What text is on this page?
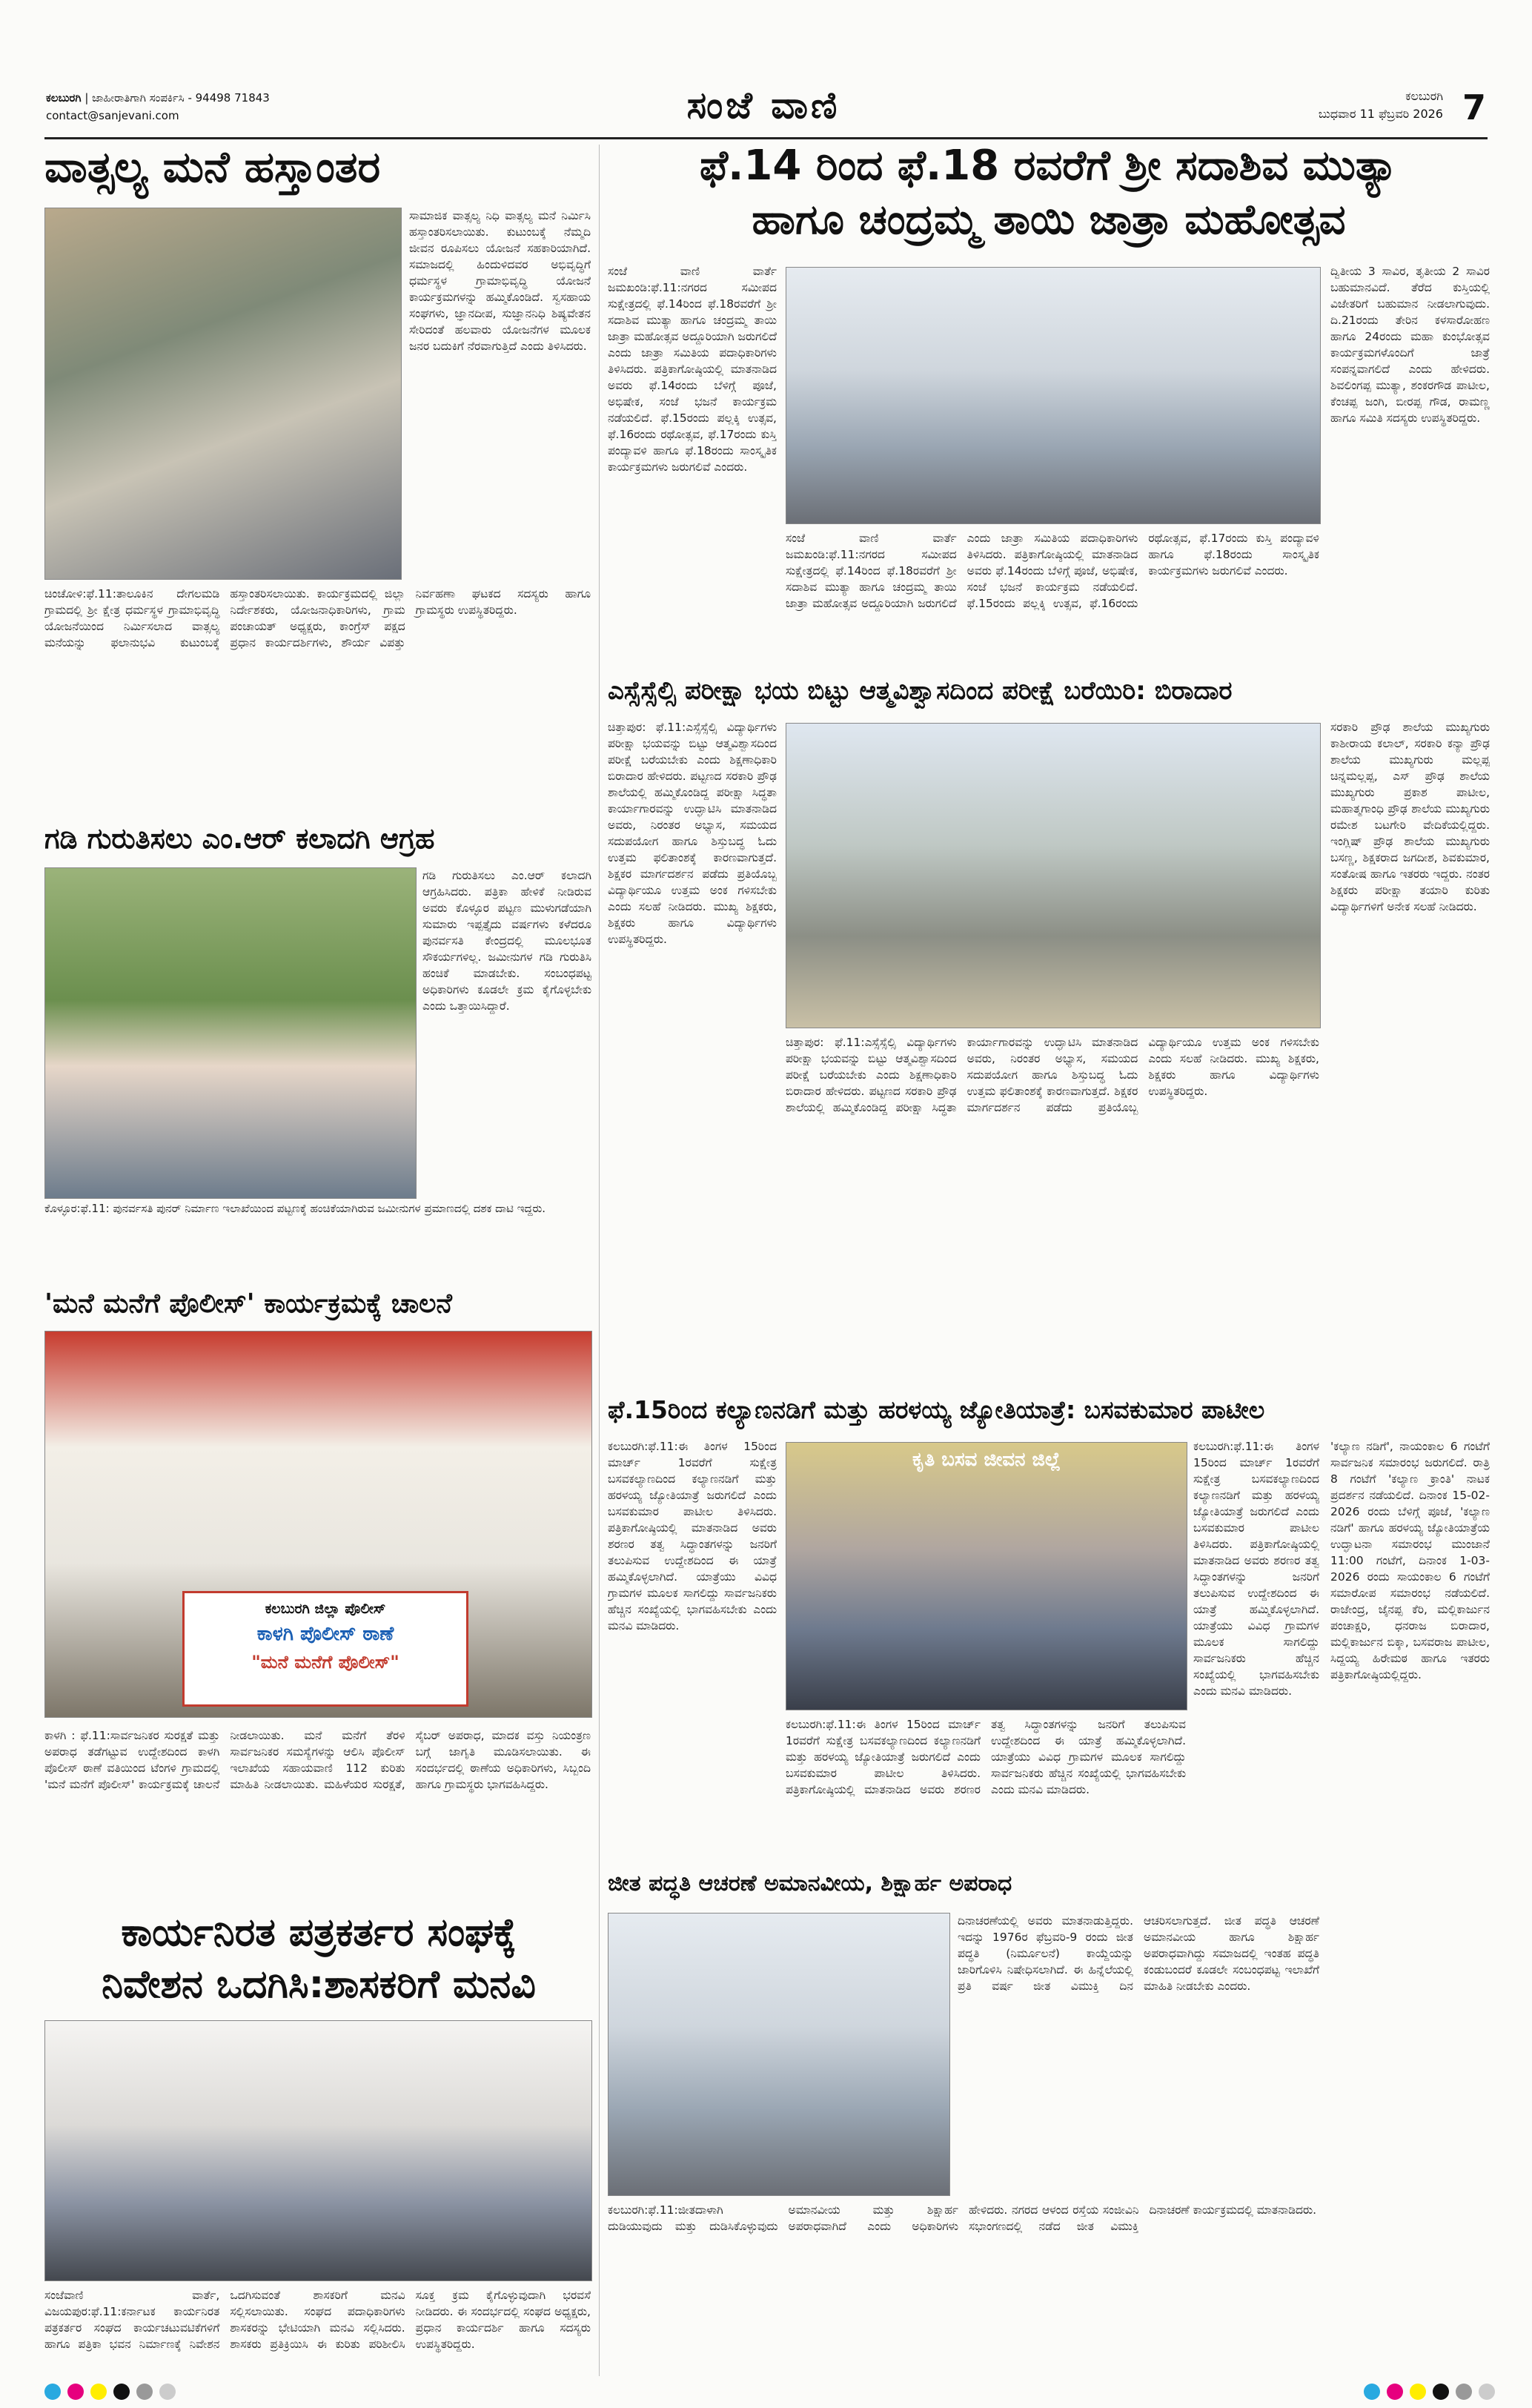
ಕಲಬುರಗಿ | ಜಾಹೀರಾತಿಗಾಗಿ ಸಂಪರ್ಕಿಸಿ - 94498 71843
contact@sanjevani.com	ಸಂಜೆ ವಾಣಿ	ಕಲಬುರಗಿ
ಬುಧವಾರ 11 ಫೆಬ್ರವರಿ 2026 7
ವಾತ್ಸಲ್ಯ ಮನೆ ಹಸ್ತಾಂತರ
ಸಾಮಾಜಿಕ ವಾತ್ಸಲ್ಯ ನಿಧಿ ವಾತ್ಸಲ್ಯ ಮನೆ ನಿರ್ಮಿಸಿ ಹಸ್ತಾಂತರಿಸಲಾಯಿತು. ಕುಟುಂಬಕ್ಕೆ ನೆಮ್ಮದಿ ಜೀವನ ರೂಪಿಸಲು ಯೋಜನೆ ಸಹಕಾರಿಯಾಗಿದೆ. ಸಮಾಜದಲ್ಲಿ ಹಿಂದುಳಿದವರ ಅಭಿವೃದ್ಧಿಗೆ ಧರ್ಮಸ್ಥಳ ಗ್ರಾಮಾಭಿವೃದ್ಧಿ ಯೋಜನೆ ಕಾರ್ಯಕ್ರಮಗಳನ್ನು ಹಮ್ಮಿಕೊಂಡಿದೆ. ಸ್ವಸಹಾಯ ಸಂಘಗಳು, ಜ್ಞಾನದೀಪ, ಸುಜ್ಞಾನನಿಧಿ ಶಿಷ್ಯವೇತನ ಸೇರಿದಂತೆ ಹಲವಾರು ಯೋಜನೆಗಳ ಮೂಲಕ ಜನರ ಬದುಕಿಗೆ ನೆರವಾಗುತ್ತಿದೆ ಎಂದು ತಿಳಿಸಿದರು.
ಚಿಂಚೋಳಿ:ಫೆ.11:ತಾಲೂಕಿನ ದೇಗಲಮಡಿ ಗ್ರಾಮದಲ್ಲಿ ಶ್ರೀ ಕ್ಷೇತ್ರ ಧರ್ಮಸ್ಥಳ ಗ್ರಾಮಾಭಿವೃದ್ಧಿ ಯೋಜನೆಯಿಂದ ನಿರ್ಮಿಸಲಾದ ವಾತ್ಸಲ್ಯ ಮನೆಯನ್ನು ಫಲಾನುಭವಿ ಕುಟುಂಬಕ್ಕೆ ಹಸ್ತಾಂತರಿಸಲಾಯಿತು. ಕಾರ್ಯಕ್ರಮದಲ್ಲಿ ಜಿಲ್ಲಾ ನಿರ್ದೇಶಕರು, ಯೋಜನಾಧಿಕಾರಿಗಳು, ಗ್ರಾಮ ಪಂಚಾಯತ್ ಅಧ್ಯಕ್ಷರು, ಕಾಂಗ್ರೆಸ್ ಪಕ್ಷದ ಪ್ರಧಾನ ಕಾರ್ಯದರ್ಶಿಗಳು, ಶೌರ್ಯ ವಿಪತ್ತು ನಿರ್ವಹಣಾ ಘಟಕದ ಸದಸ್ಯರು ಹಾಗೂ ಗ್ರಾಮಸ್ಥರು ಉಪಸ್ಥಿತರಿದ್ದರು.
ಗಡಿ ಗುರುತಿಸಲು ಎಂ.ಆರ್ ಕಲಾದಗಿ ಆಗ್ರಹ
ಗಡಿ ಗುರುತಿಸಲು ಎಂ.ಆರ್ ಕಲಾದಗಿ ಆಗ್ರಹಿಸಿದರು. ಪತ್ರಿಕಾ ಹೇಳಿಕೆ ನೀಡಿರುವ ಅವರು ಕೊಳ್ಳೂರ ಪಟ್ಟಣ ಮುಳುಗಡೆಯಾಗಿ ಸುಮಾರು ಇಪ್ಪತ್ತೈದು ವರ್ಷಗಳು ಕಳೆದರೂ ಪುನರ್ವಸತಿ ಕೇಂದ್ರದಲ್ಲಿ ಮೂಲಭೂತ ಸೌಕರ್ಯಗಳಿಲ್ಲ. ಜಮೀನುಗಳ ಗಡಿ ಗುರುತಿಸಿ ಹಂಚಿಕೆ ಮಾಡಬೇಕು. ಸಂಬಂಧಪಟ್ಟ ಅಧಿಕಾರಿಗಳು ಕೂಡಲೇ ಕ್ರಮ ಕೈಗೊಳ್ಳಬೇಕು ಎಂದು ಒತ್ತಾಯಿಸಿದ್ದಾರೆ.
ಕೊಳ್ಳೂರ:ಫೆ.11: ಪುನರ್ವಸತಿ ಪುನರ್ ನಿರ್ಮಾಣ ಇಲಾಖೆಯಿಂದ ಪಟ್ಟಣಕ್ಕೆ ಹಂಚಿಕೆಯಾಗಿರುವ ಜಮೀನುಗಳ ಪ್ರಮಾಣದಲ್ಲಿ ದಶಕ ದಾಟಿ ಇದ್ದರು.
'ಮನೆ ಮನೆಗೆ ಪೊಲೀಸ್' ಕಾರ್ಯಕ್ರಮಕ್ಕೆ ಚಾಲನೆ
ಕಲಬುರಗಿ ಜಿಲ್ಲಾ ಪೊಲೀಸ್
ಕಾಳಗಿ ಪೊಲೀಸ್ ಠಾಣೆ
"ಮನೆ ಮನೆಗೆ ಪೊಲೀಸ್"
ಕಾಳಗಿ : ಫೆ.11:ಸಾರ್ವಜನಿಕರ ಸುರಕ್ಷತೆ ಮತ್ತು ಅಪರಾಧ ತಡೆಗಟ್ಟುವ ಉದ್ದೇಶದಿಂದ ಕಾಳಗಿ ಪೊಲೀಸ್ ಠಾಣೆ ವತಿಯಿಂದ ಟೆಂಗಳಿ ಗ್ರಾಮದಲ್ಲಿ 'ಮನೆ ಮನೆಗೆ ಪೊಲೀಸ್' ಕಾರ್ಯಕ್ರಮಕ್ಕೆ ಚಾಲನೆ ನೀಡಲಾಯಿತು. ಮನೆ ಮನೆಗೆ ತೆರಳಿ ಸಾರ್ವಜನಿಕರ ಸಮಸ್ಯೆಗಳನ್ನು ಆಲಿಸಿ ಪೊಲೀಸ್ ಇಲಾಖೆಯ ಸಹಾಯವಾಣಿ 112 ಕುರಿತು ಮಾಹಿತಿ ನೀಡಲಾಯಿತು. ಮಹಿಳೆಯರ ಸುರಕ್ಷತೆ, ಸೈಬರ್ ಅಪರಾಧ, ಮಾದಕ ವಸ್ತು ನಿಯಂತ್ರಣ ಬಗ್ಗೆ ಜಾಗೃತಿ ಮೂಡಿಸಲಾಯಿತು. ಈ ಸಂದರ್ಭದಲ್ಲಿ ಠಾಣೆಯ ಅಧಿಕಾರಿಗಳು, ಸಿಬ್ಬಂದಿ ಹಾಗೂ ಗ್ರಾಮಸ್ಥರು ಭಾಗವಹಿಸಿದ್ದರು.
ಕಾರ್ಯನಿರತ ಪತ್ರಕರ್ತರ ಸಂಘಕ್ಕೆ
ನಿವೇಶನ ಒದಗಿಸಿ:ಶಾಸಕರಿಗೆ ಮನವಿ
ಸಂಜೆವಾಣಿ ವಾರ್ತೆ, ವಿಜಯಪುರ:ಫೆ.11:ಕರ್ನಾಟಕ ಕಾರ್ಯನಿರತ ಪತ್ರಕರ್ತರ ಸಂಘದ ಕಾರ್ಯಚಟುವಟಿಕೆಗಳಿಗೆ ಹಾಗೂ ಪತ್ರಿಕಾ ಭವನ ನಿರ್ಮಾಣಕ್ಕೆ ನಿವೇಶನ ಒದಗಿಸುವಂತೆ ಶಾಸಕರಿಗೆ ಮನವಿ ಸಲ್ಲಿಸಲಾಯಿತು. ಸಂಘದ ಪದಾಧಿಕಾರಿಗಳು ಶಾಸಕರನ್ನು ಭೇಟಿಯಾಗಿ ಮನವಿ ಸಲ್ಲಿಸಿದರು. ಶಾಸಕರು ಪ್ರತಿಕ್ರಿಯಿಸಿ ಈ ಕುರಿತು ಪರಿಶೀಲಿಸಿ ಸೂಕ್ತ ಕ್ರಮ ಕೈಗೊಳ್ಳುವುದಾಗಿ ಭರವಸೆ ನೀಡಿದರು. ಈ ಸಂದರ್ಭದಲ್ಲಿ ಸಂಘದ ಅಧ್ಯಕ್ಷರು, ಪ್ರಧಾನ ಕಾರ್ಯದರ್ಶಿ ಹಾಗೂ ಸದಸ್ಯರು ಉಪಸ್ಥಿತರಿದ್ದರು.
ಫೆ.14 ರಿಂದ ಫೆ.18 ರವರೆಗೆ ಶ್ರೀ ಸದಾಶಿವ ಮುತ್ಯಾ
ಹಾಗೂ ಚಂದ್ರಮ್ಮ ತಾಯಿ ಜಾತ್ರಾ ಮಹೋತ್ಸವ
ಸಂಜೆ ವಾಣಿ ವಾರ್ತೆ ಜಮಖಂಡಿ:ಫೆ.11:ನಗರದ ಸಮೀಪದ ಸುಕ್ಷೇತ್ರದಲ್ಲಿ ಫೆ.14ರಿಂದ ಫೆ.18ರವರೆಗೆ ಶ್ರೀ ಸದಾಶಿವ ಮುತ್ಯಾ ಹಾಗೂ ಚಂದ್ರಮ್ಮ ತಾಯಿ ಜಾತ್ರಾ ಮಹೋತ್ಸವ ಅದ್ದೂರಿಯಾಗಿ ಜರುಗಲಿದೆ ಎಂದು ಜಾತ್ರಾ ಸಮಿತಿಯ ಪದಾಧಿಕಾರಿಗಳು ತಿಳಿಸಿದರು. ಪತ್ರಿಕಾಗೋಷ್ಠಿಯಲ್ಲಿ ಮಾತನಾಡಿದ ಅವರು ಫೆ.14ರಂದು ಬೆಳಿಗ್ಗೆ ಪೂಜೆ, ಅಭಿಷೇಕ, ಸಂಜೆ ಭಜನೆ ಕಾರ್ಯಕ್ರಮ ನಡೆಯಲಿದೆ. ಫೆ.15ರಂದು ಪಲ್ಲಕ್ಕಿ ಉತ್ಸವ, ಫೆ.16ರಂದು ರಥೋತ್ಸವ, ಫೆ.17ರಂದು ಕುಸ್ತಿ ಪಂದ್ಯಾವಳಿ ಹಾಗೂ ಫೆ.18ರಂದು ಸಾಂಸ್ಕೃತಿಕ ಕಾರ್ಯಕ್ರಮಗಳು ಜರುಗಲಿವೆ ಎಂದರು.
ದ್ವಿತೀಯ 3 ಸಾವಿರ, ತೃತೀಯ 2 ಸಾವಿರ ಬಹುಮಾನವಿದೆ. ತೆರೆದ ಕುಸ್ತಿಯಲ್ಲಿ ವಿಜೇತರಿಗೆ ಬಹುಮಾನ ನೀಡಲಾಗುವುದು. ದಿ.21ರಂದು ತೇರಿನ ಕಳಸಾರೋಹಣ ಹಾಗೂ 24ರಂದು ಮಹಾ ಕುಂಭೋತ್ಸವ ಕಾರ್ಯಕ್ರಮಗಳೊಂದಿಗೆ ಜಾತ್ರೆ ಸಂಪನ್ನವಾಗಲಿದೆ ಎಂದು ಹೇಳಿದರು. ಶಿವಲಿಂಗಪ್ಪ ಮುತ್ಯಾ, ಶಂಕರಗೌಡ ಪಾಟೀಲ, ಕೆಂಚಪ್ಪ ಜಂಗಿ, ಬೀರಪ್ಪ ಗೌಡ, ರಾಮಣ್ಣ ಹಾಗೂ ಸಮಿತಿ ಸದಸ್ಯರು ಉಪಸ್ಥಿತರಿದ್ದರು.
ಸಂಜೆ ವಾಣಿ ವಾರ್ತೆ ಜಮಖಂಡಿ:ಫೆ.11:ನಗರದ ಸಮೀಪದ ಸುಕ್ಷೇತ್ರದಲ್ಲಿ ಫೆ.14ರಿಂದ ಫೆ.18ರವರೆಗೆ ಶ್ರೀ ಸದಾಶಿವ ಮುತ್ಯಾ ಹಾಗೂ ಚಂದ್ರಮ್ಮ ತಾಯಿ ಜಾತ್ರಾ ಮಹೋತ್ಸವ ಅದ್ದೂರಿಯಾಗಿ ಜರುಗಲಿದೆ ಎಂದು ಜಾತ್ರಾ ಸಮಿತಿಯ ಪದಾಧಿಕಾರಿಗಳು ತಿಳಿಸಿದರು. ಪತ್ರಿಕಾಗೋಷ್ಠಿಯಲ್ಲಿ ಮಾತನಾಡಿದ ಅವರು ಫೆ.14ರಂದು ಬೆಳಿಗ್ಗೆ ಪೂಜೆ, ಅಭಿಷೇಕ, ಸಂಜೆ ಭಜನೆ ಕಾರ್ಯಕ್ರಮ ನಡೆಯಲಿದೆ. ಫೆ.15ರಂದು ಪಲ್ಲಕ್ಕಿ ಉತ್ಸವ, ಫೆ.16ರಂದು ರಥೋತ್ಸವ, ಫೆ.17ರಂದು ಕುಸ್ತಿ ಪಂದ್ಯಾವಳಿ ಹಾಗೂ ಫೆ.18ರಂದು ಸಾಂಸ್ಕೃತಿಕ ಕಾರ್ಯಕ್ರಮಗಳು ಜರುಗಲಿವೆ ಎಂದರು.
ಎಸ್ಸೆಸ್ಸೆಲ್ಸಿ ಪರೀಕ್ಷಾ ಭಯ ಬಿಟ್ಟು ಆತ್ಮವಿಶ್ವಾಸದಿಂದ ಪರೀಕ್ಷೆ ಬರೆಯಿರಿ: ಬಿರಾದಾರ
ಚಿತ್ತಾಪುರ: ಫೆ.11:ಎಸ್ಸೆಸ್ಸೆಲ್ಸಿ ವಿದ್ಯಾರ್ಥಿಗಳು ಪರೀಕ್ಷಾ ಭಯವನ್ನು ಬಿಟ್ಟು ಆತ್ಮವಿಶ್ವಾಸದಿಂದ ಪರೀಕ್ಷೆ ಬರೆಯಬೇಕು ಎಂದು ಶಿಕ್ಷಣಾಧಿಕಾರಿ ಬಿರಾದಾರ ಹೇಳಿದರು. ಪಟ್ಟಣದ ಸರಕಾರಿ ಪ್ರೌಢ ಶಾಲೆಯಲ್ಲಿ ಹಮ್ಮಿಕೊಂಡಿದ್ದ ಪರೀಕ್ಷಾ ಸಿದ್ಧತಾ ಕಾರ್ಯಾಗಾರವನ್ನು ಉದ್ಘಾಟಿಸಿ ಮಾತನಾಡಿದ ಅವರು, ನಿರಂತರ ಅಭ್ಯಾಸ, ಸಮಯದ ಸದುಪಯೋಗ ಹಾಗೂ ಶಿಸ್ತುಬದ್ಧ ಓದು ಉತ್ತಮ ಫಲಿತಾಂಶಕ್ಕೆ ಕಾರಣವಾಗುತ್ತದೆ. ಶಿಕ್ಷಕರ ಮಾರ್ಗದರ್ಶನ ಪಡೆದು ಪ್ರತಿಯೊಬ್ಬ ವಿದ್ಯಾರ್ಥಿಯೂ ಉತ್ತಮ ಅಂಕ ಗಳಿಸಬೇಕು ಎಂದು ಸಲಹೆ ನೀಡಿದರು. ಮುಖ್ಯ ಶಿಕ್ಷಕರು, ಶಿಕ್ಷಕರು ಹಾಗೂ ವಿದ್ಯಾರ್ಥಿಗಳು ಉಪಸ್ಥಿತರಿದ್ದರು.
ಸರಕಾರಿ ಪ್ರೌಢ ಶಾಲೆಯ ಮುಖ್ಯಗುರು ಕಾಶೀರಾಯ ಕಲಾಲ್, ಸರಕಾರಿ ಕನ್ಯಾ ಪ್ರೌಢ ಶಾಲೆಯ ಮುಖ್ಯಗುರು ಮಲ್ಲಪ್ಪ ಚಿನ್ನಮಲ್ಲಪ್ಪ, ಎಸ್ ಪ್ರೌಢ ಶಾಲೆಯ ಮುಖ್ಯಗುರು ಪ್ರಕಾಶ ಪಾಟೀಲ, ಮಹಾತ್ಮಗಾಂಧಿ ಪ್ರೌಢ ಶಾಲೆಯ ಮುಖ್ಯಗುರು ರಮೇಶ ಬಟಗೇರಿ ವೇದಿಕೆಯಲ್ಲಿದ್ದರು. ಇಂಗ್ಲಿಷ್ ಪ್ರೌಢ ಶಾಲೆಯ ಮುಖ್ಯಗುರು ಬಸಣ್ಣ, ಶಿಕ್ಷಕರಾದ ಜಗದೀಶ, ಶಿವಕುಮಾರ, ಸಂತೋಷ ಹಾಗೂ ಇತರರು ಇದ್ದರು. ನಂತರ ಶಿಕ್ಷಕರು ಪರೀಕ್ಷಾ ತಯಾರಿ ಕುರಿತು ವಿದ್ಯಾರ್ಥಿಗಳಿಗೆ ಅನೇಕ ಸಲಹೆ ನೀಡಿದರು.
ಚಿತ್ತಾಪುರ: ಫೆ.11:ಎಸ್ಸೆಸ್ಸೆಲ್ಸಿ ವಿದ್ಯಾರ್ಥಿಗಳು ಪರೀಕ್ಷಾ ಭಯವನ್ನು ಬಿಟ್ಟು ಆತ್ಮವಿಶ್ವಾಸದಿಂದ ಪರೀಕ್ಷೆ ಬರೆಯಬೇಕು ಎಂದು ಶಿಕ್ಷಣಾಧಿಕಾರಿ ಬಿರಾದಾರ ಹೇಳಿದರು. ಪಟ್ಟಣದ ಸರಕಾರಿ ಪ್ರೌಢ ಶಾಲೆಯಲ್ಲಿ ಹಮ್ಮಿಕೊಂಡಿದ್ದ ಪರೀಕ್ಷಾ ಸಿದ್ಧತಾ ಕಾರ್ಯಾಗಾರವನ್ನು ಉದ್ಘಾಟಿಸಿ ಮಾತನಾಡಿದ ಅವರು, ನಿರಂತರ ಅಭ್ಯಾಸ, ಸಮಯದ ಸದುಪಯೋಗ ಹಾಗೂ ಶಿಸ್ತುಬದ್ಧ ಓದು ಉತ್ತಮ ಫಲಿತಾಂಶಕ್ಕೆ ಕಾರಣವಾಗುತ್ತದೆ. ಶಿಕ್ಷಕರ ಮಾರ್ಗದರ್ಶನ ಪಡೆದು ಪ್ರತಿಯೊಬ್ಬ ವಿದ್ಯಾರ್ಥಿಯೂ ಉತ್ತಮ ಅಂಕ ಗಳಿಸಬೇಕು ಎಂದು ಸಲಹೆ ನೀಡಿದರು. ಮುಖ್ಯ ಶಿಕ್ಷಕರು, ಶಿಕ್ಷಕರು ಹಾಗೂ ವಿದ್ಯಾರ್ಥಿಗಳು ಉಪಸ್ಥಿತರಿದ್ದರು.
ಫೆ.15ರಿಂದ ಕಲ್ಯಾಣನಡಿಗೆ ಮತ್ತು ಹರಳಯ್ಯ ಜ್ಯೋತಿಯಾತ್ರೆ: ಬಸವಕುಮಾರ ಪಾಟೀಲ
ಕಲಬುರಗಿ:ಫೆ.11:ಈ ತಿಂಗಳ 15ರಿಂದ ಮಾರ್ಚ್ 1ರವರೆಗೆ ಸುಕ್ಷೇತ್ರ ಬಸವಕಲ್ಯಾಣದಿಂದ ಕಲ್ಯಾಣನಡಿಗೆ ಮತ್ತು ಹರಳಯ್ಯ ಜ್ಯೋತಿಯಾತ್ರೆ ಜರುಗಲಿದೆ ಎಂದು ಬಸವಕುಮಾರ ಪಾಟೀಲ ತಿಳಿಸಿದರು. ಪತ್ರಿಕಾಗೋಷ್ಠಿಯಲ್ಲಿ ಮಾತನಾಡಿದ ಅವರು ಶರಣರ ತತ್ವ ಸಿದ್ಧಾಂತಗಳನ್ನು ಜನರಿಗೆ ತಲುಪಿಸುವ ಉದ್ದೇಶದಿಂದ ಈ ಯಾತ್ರೆ ಹಮ್ಮಿಕೊಳ್ಳಲಾಗಿದೆ. ಯಾತ್ರೆಯು ವಿವಿಧ ಗ್ರಾಮಗಳ ಮೂಲಕ ಸಾಗಲಿದ್ದು ಸಾರ್ವಜನಿಕರು ಹೆಚ್ಚಿನ ಸಂಖ್ಯೆಯಲ್ಲಿ ಭಾಗವಹಿಸಬೇಕು ಎಂದು ಮನವಿ ಮಾಡಿದರು.
ಕೃತಿ ಬಸವ ಜೀವನ ಜಿಲ್ಲೆ
ಕಲಬುರಗಿ:ಫೆ.11:ಈ ತಿಂಗಳ 15ರಿಂದ ಮಾರ್ಚ್ 1ರವರೆಗೆ ಸುಕ್ಷೇತ್ರ ಬಸವಕಲ್ಯಾಣದಿಂದ ಕಲ್ಯಾಣನಡಿಗೆ ಮತ್ತು ಹರಳಯ್ಯ ಜ್ಯೋತಿಯಾತ್ರೆ ಜರುಗಲಿದೆ ಎಂದು ಬಸವಕುಮಾರ ಪಾಟೀಲ ತಿಳಿಸಿದರು. ಪತ್ರಿಕಾಗೋಷ್ಠಿಯಲ್ಲಿ ಮಾತನಾಡಿದ ಅವರು ಶರಣರ ತತ್ವ ಸಿದ್ಧಾಂತಗಳನ್ನು ಜನರಿಗೆ ತಲುಪಿಸುವ ಉದ್ದೇಶದಿಂದ ಈ ಯಾತ್ರೆ ಹಮ್ಮಿಕೊಳ್ಳಲಾಗಿದೆ. ಯಾತ್ರೆಯು ವಿವಿಧ ಗ್ರಾಮಗಳ ಮೂಲಕ ಸಾಗಲಿದ್ದು ಸಾರ್ವಜನಿಕರು ಹೆಚ್ಚಿನ ಸಂಖ್ಯೆಯಲ್ಲಿ ಭಾಗವಹಿಸಬೇಕು ಎಂದು ಮನವಿ ಮಾಡಿದರು.
'ಕಲ್ಯಾಣ ನಡಿಗೆ', ನಾಯಂಕಾಲ 6 ಗಂಟೆಗೆ ಸಾರ್ವಜನಿಕ ಸಮಾರಂಭ ಜರುಗಲಿದೆ. ರಾತ್ರಿ 8 ಗಂಟೆಗೆ 'ಕಲ್ಯಾಣ ಕ್ರಾಂತಿ' ನಾಟಕ ಪ್ರದರ್ಶನ ನಡೆಯಲಿದೆ. ದಿನಾಂಕ 15-02-2026 ರಂದು ಬೆಳಿಗ್ಗೆ ಪೂಜೆ, 'ಕಲ್ಯಾಣ ನಡಿಗೆ' ಹಾಗೂ ಹರಳಯ್ಯ ಜ್ಯೋತಿಯಾತ್ರೆಯ ಉದ್ಘಾಟನಾ ಸಮಾರಂಭ ಮುಂಜಾನೆ 11:00 ಗಂಟೆಗೆ, ದಿನಾಂಕ 1-03-2026 ರಂದು ಸಾಯಂಕಾಲ 6 ಗಂಟೆಗೆ ಸಮಾರೋಪ ಸಮಾರಂಭ ನಡೆಯಲಿದೆ. ರಾಜೇಂದ್ರ, ಜೈನಪ್ಪ ಕೆರಿ, ಮಲ್ಲಿಕಾರ್ಜುನ ಪಂಚಾಕ್ಷರಿ, ಧನರಾಜ ಬಿರಾದಾರ, ಮಲ್ಲಿಕಾರ್ಜುನ ಬಿಕ್ಕಾ, ಬಸವರಾಜ ಪಾಟೀಲ, ಸಿದ್ದಯ್ಯ ಹಿರೇಮಠ ಹಾಗೂ ಇತರರು ಪತ್ರಿಕಾಗೋಷ್ಠಿಯಲ್ಲಿದ್ದರು.
ಕಲಬುರಗಿ:ಫೆ.11:ಈ ತಿಂಗಳ 15ರಿಂದ ಮಾರ್ಚ್ 1ರವರೆಗೆ ಸುಕ್ಷೇತ್ರ ಬಸವಕಲ್ಯಾಣದಿಂದ ಕಲ್ಯಾಣನಡಿಗೆ ಮತ್ತು ಹರಳಯ್ಯ ಜ್ಯೋತಿಯಾತ್ರೆ ಜರುಗಲಿದೆ ಎಂದು ಬಸವಕುಮಾರ ಪಾಟೀಲ ತಿಳಿಸಿದರು. ಪತ್ರಿಕಾಗೋಷ್ಠಿಯಲ್ಲಿ ಮಾತನಾಡಿದ ಅವರು ಶರಣರ ತತ್ವ ಸಿದ್ಧಾಂತಗಳನ್ನು ಜನರಿಗೆ ತಲುಪಿಸುವ ಉದ್ದೇಶದಿಂದ ಈ ಯಾತ್ರೆ ಹಮ್ಮಿಕೊಳ್ಳಲಾಗಿದೆ. ಯಾತ್ರೆಯು ವಿವಿಧ ಗ್ರಾಮಗಳ ಮೂಲಕ ಸಾಗಲಿದ್ದು ಸಾರ್ವಜನಿಕರು ಹೆಚ್ಚಿನ ಸಂಖ್ಯೆಯಲ್ಲಿ ಭಾಗವಹಿಸಬೇಕು ಎಂದು ಮನವಿ ಮಾಡಿದರು.
ಜೀತ ಪದ್ಧತಿ ಆಚರಣೆ ಅಮಾನವೀಯ, ಶಿಕ್ಷಾರ್ಹ ಅಪರಾಧ
ದಿನಾಚರಣೆಯಲ್ಲಿ ಅವರು ಮಾತನಾಡುತ್ತಿದ್ದರು. ಇದನ್ನು 1976ರ ಫೆಬ್ರವರಿ-9 ರಂದು ಜೀತ ಪದ್ಧತಿ (ನಿರ್ಮೂಲನೆ) ಕಾಯ್ದೆಯನ್ನು ಜಾರಿಗೊಳಿಸಿ ನಿಷೇಧಿಸಲಾಗಿದೆ. ಈ ಹಿನ್ನೆಲೆಯಲ್ಲಿ ಪ್ರತಿ ವರ್ಷ ಜೀತ ವಿಮುಕ್ತಿ ದಿನ ಆಚರಿಸಲಾಗುತ್ತದೆ. ಜೀತ ಪದ್ಧತಿ ಆಚರಣೆ ಅಮಾನವೀಯ ಹಾಗೂ ಶಿಕ್ಷಾರ್ಹ ಅಪರಾಧವಾಗಿದ್ದು ಸಮಾಜದಲ್ಲಿ ಇಂತಹ ಪದ್ಧತಿ ಕಂಡುಬಂದರೆ ಕೂಡಲೇ ಸಂಬಂಧಪಟ್ಟ ಇಲಾಖೆಗೆ ಮಾಹಿತಿ ನೀಡಬೇಕು ಎಂದರು.
ಕಲಬುರಗಿ:ಫೆ.11:ಜೀತದಾಳಾಗಿ ದುಡಿಯುವುದು ಮತ್ತು ದುಡಿಸಿಕೊಳ್ಳುವುದು ಅಮಾನವೀಯ ಮತ್ತು ಶಿಕ್ಷಾರ್ಹ ಅಪರಾಧವಾಗಿದೆ ಎಂದು ಅಧಿಕಾರಿಗಳು ಹೇಳಿದರು. ನಗರದ ಆಳಂದ ರಸ್ತೆಯ ಸಂಜೀವಿನಿ ಸಭಾಂಗಣದಲ್ಲಿ ನಡೆದ ಜೀತ ವಿಮುಕ್ತಿ ದಿನಾಚರಣೆ ಕಾರ್ಯಕ್ರಮದಲ್ಲಿ ಮಾತನಾಡಿದರು.
